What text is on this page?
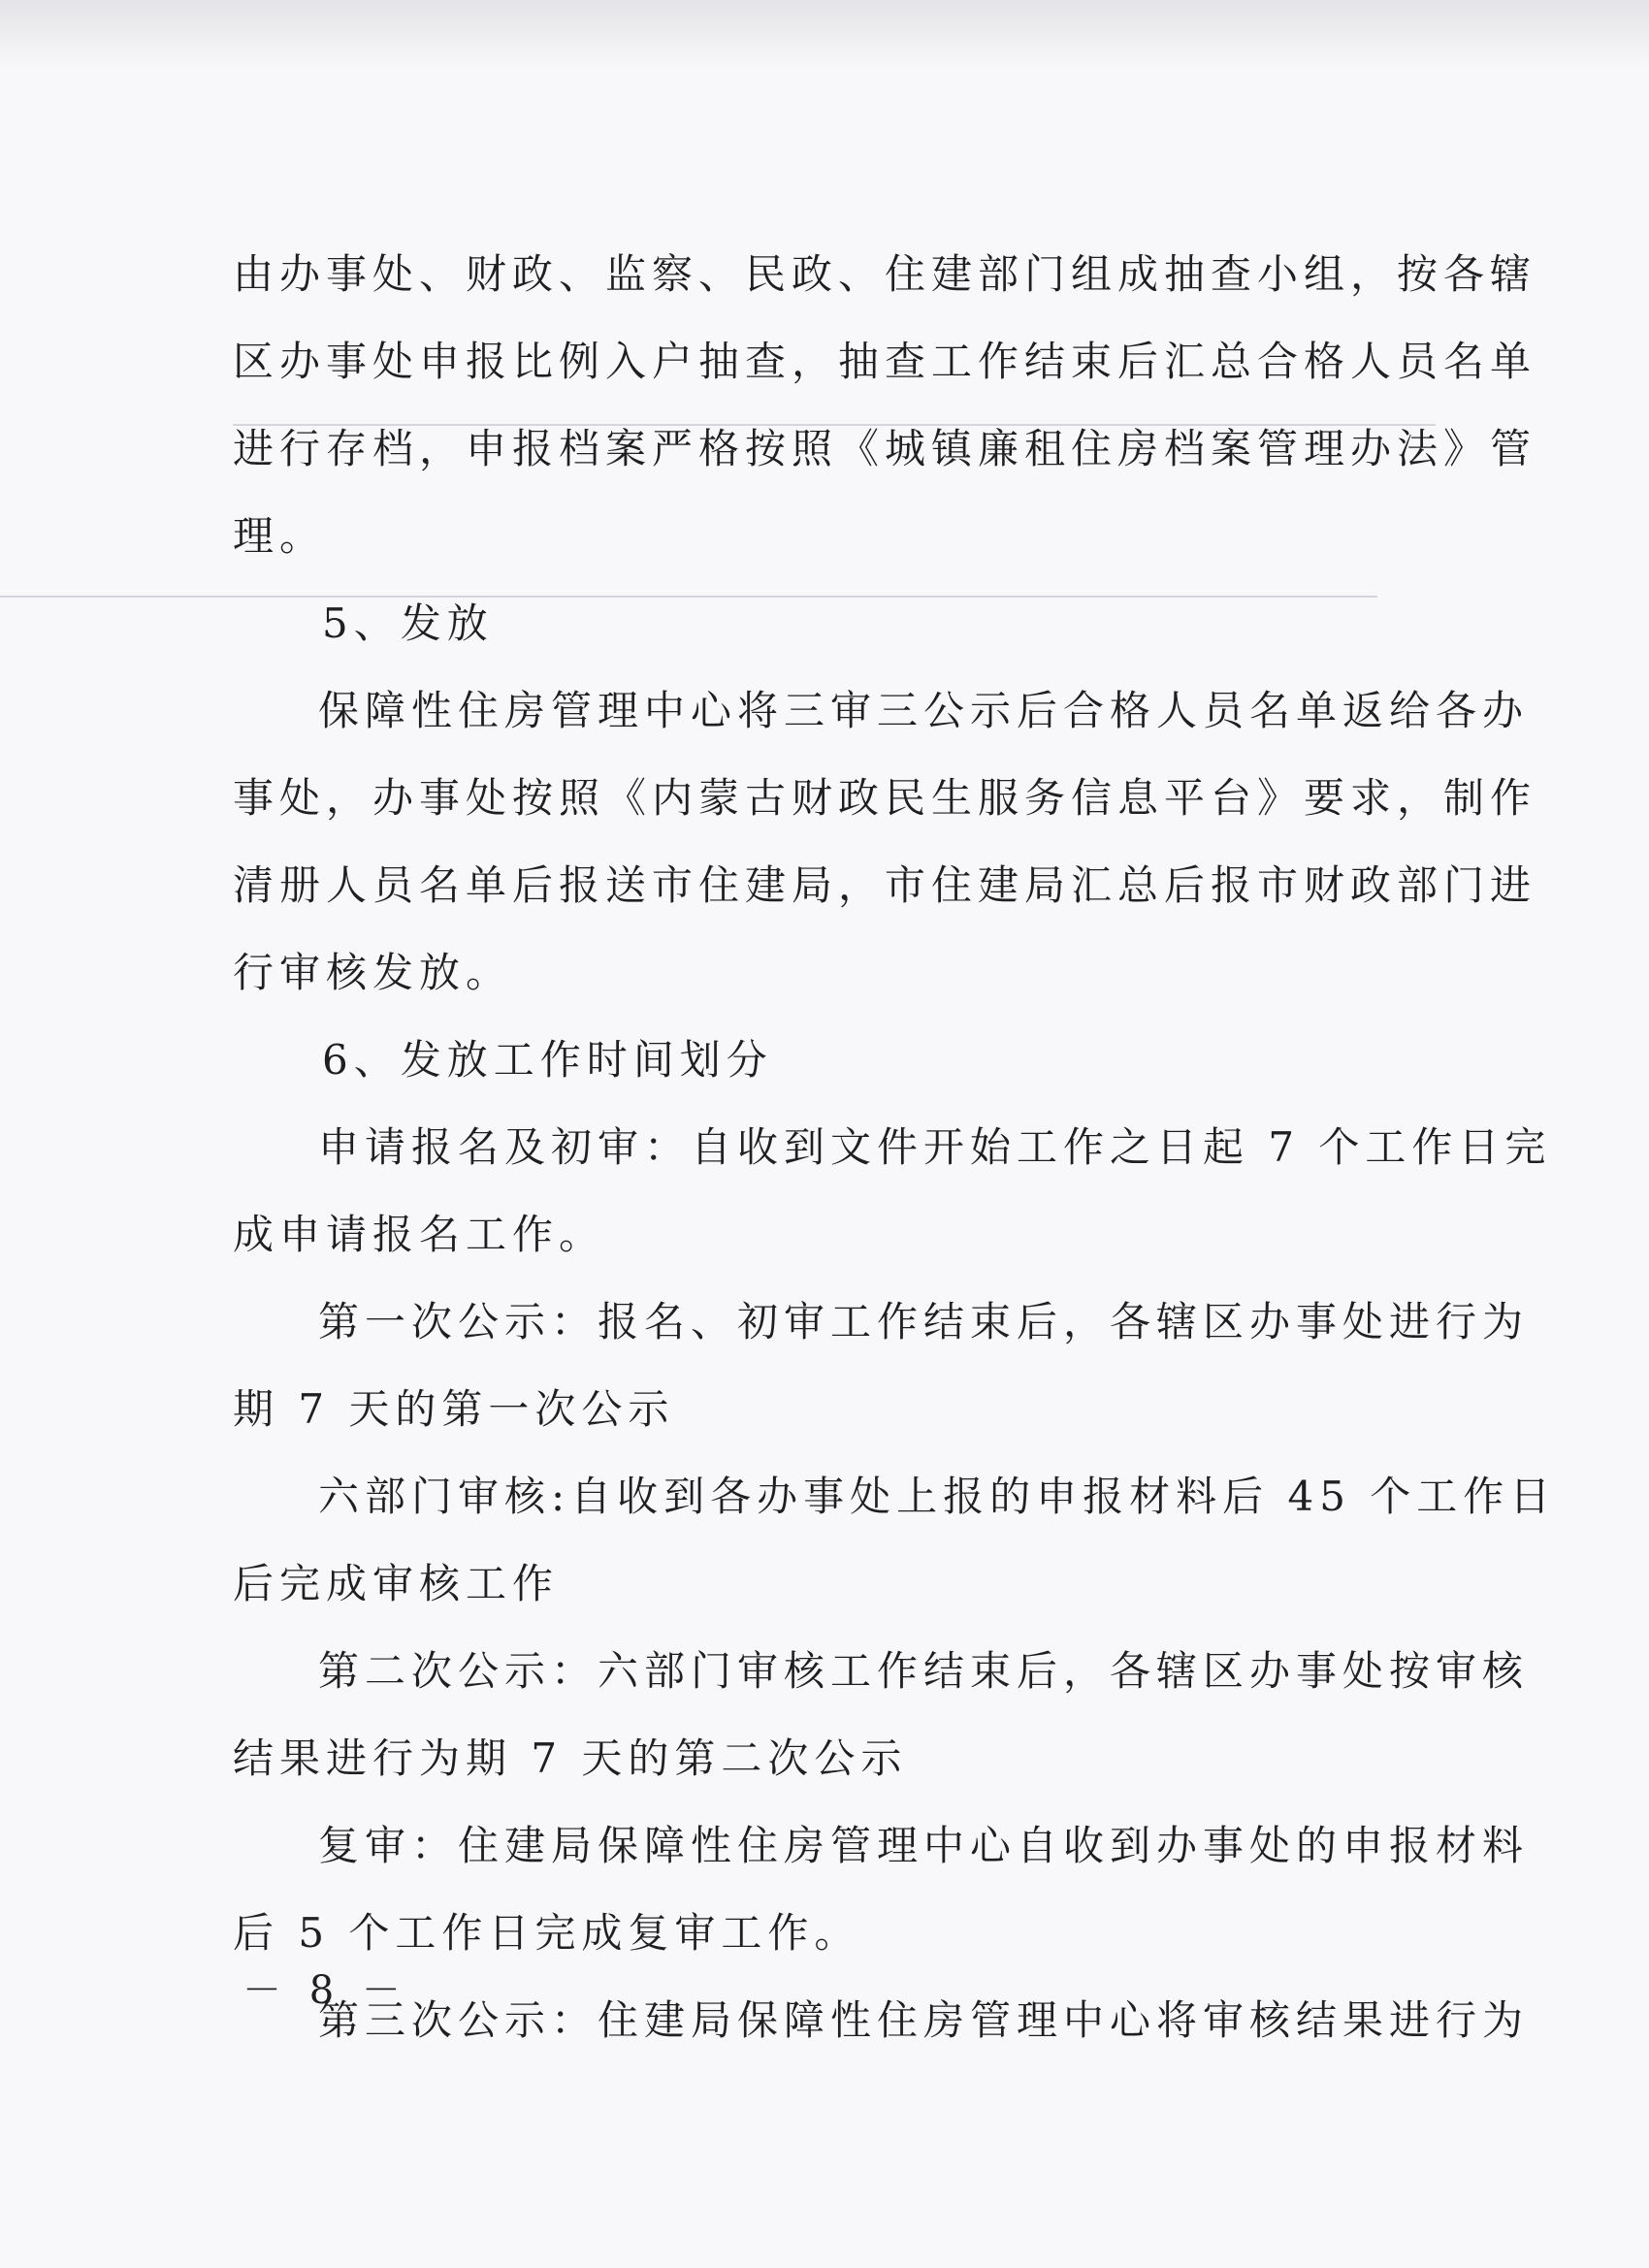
由办事处、财政、监察、民政、住建部门组成抽查小组，按各辖
区办事处申报比例入户抽查，抽查工作结束后汇总合格人员名单
进行存档，申报档案严格按照《城镇廉租住房档案管理办法》管
理。
5、发放
保障性住房管理中心将三审三公示后合格人员名单返给各办
事处，办事处按照《内蒙古财政民生服务信息平台》要求，制作
清册人员名单后报送市住建局，市住建局汇总后报市财政部门进
行审核发放。
6、发放工作时间划分
申请报名及初审：自收到文件开始工作之日起 7 个工作日完
成申请报名工作。
第一次公示：报名、初审工作结束后，各辖区办事处进行为
期 7 天的第一次公示
六部门审核:自收到各办事处上报的申报材料后 45 个工作日
后完成审核工作
第二次公示：六部门审核工作结束后，各辖区办事处按审核
结果进行为期 7 天的第二次公示
复审：住建局保障性住房管理中心自收到办事处的申报材料
后 5 个工作日完成复审工作。
第三次公示：住建局保障性住房管理中心将审核结果进行为
－ 8 －
